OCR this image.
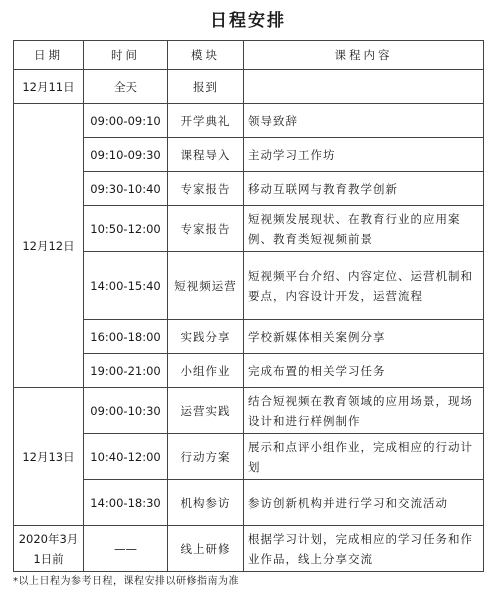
日程安排
日期	时间	模块	课程内容
12月11日	全天	报到	
12月12日	09:00-09:10	开学典礼	领导致辞
	09:10-09:30	课程导入	主动学习工作坊
	09:30-10:40	专家报告	移动互联网与教育教学创新
	10:50-12:00	专家报告	短视频发展现状、在教育行业的应用案例、教育类短视频前景
	14:00-15:40	短视频运营	短视频平台介绍、内容定位、运营机制和要点，内容设计开发，运营流程
	16:00-18:00	实践分享	学校新媒体相关案例分享
	19:00-21:00	小组作业	完成布置的相关学习任务
12月13日	09:00-10:30	运营实践	结合短视频在教育领域的应用场景，现场设计和进行样例制作
	10:40-12:00	行动方案	展示和点评小组作业，完成相应的行动计划
	14:00-18:30	机构参访	参访创新机构并进行学习和交流活动
2020年3月1日前	——	线上研修	根据学习计划，完成相应的学习任务和作业作品，线上分享交流
*以上日程为参考日程，课程安排以研修指南为准
